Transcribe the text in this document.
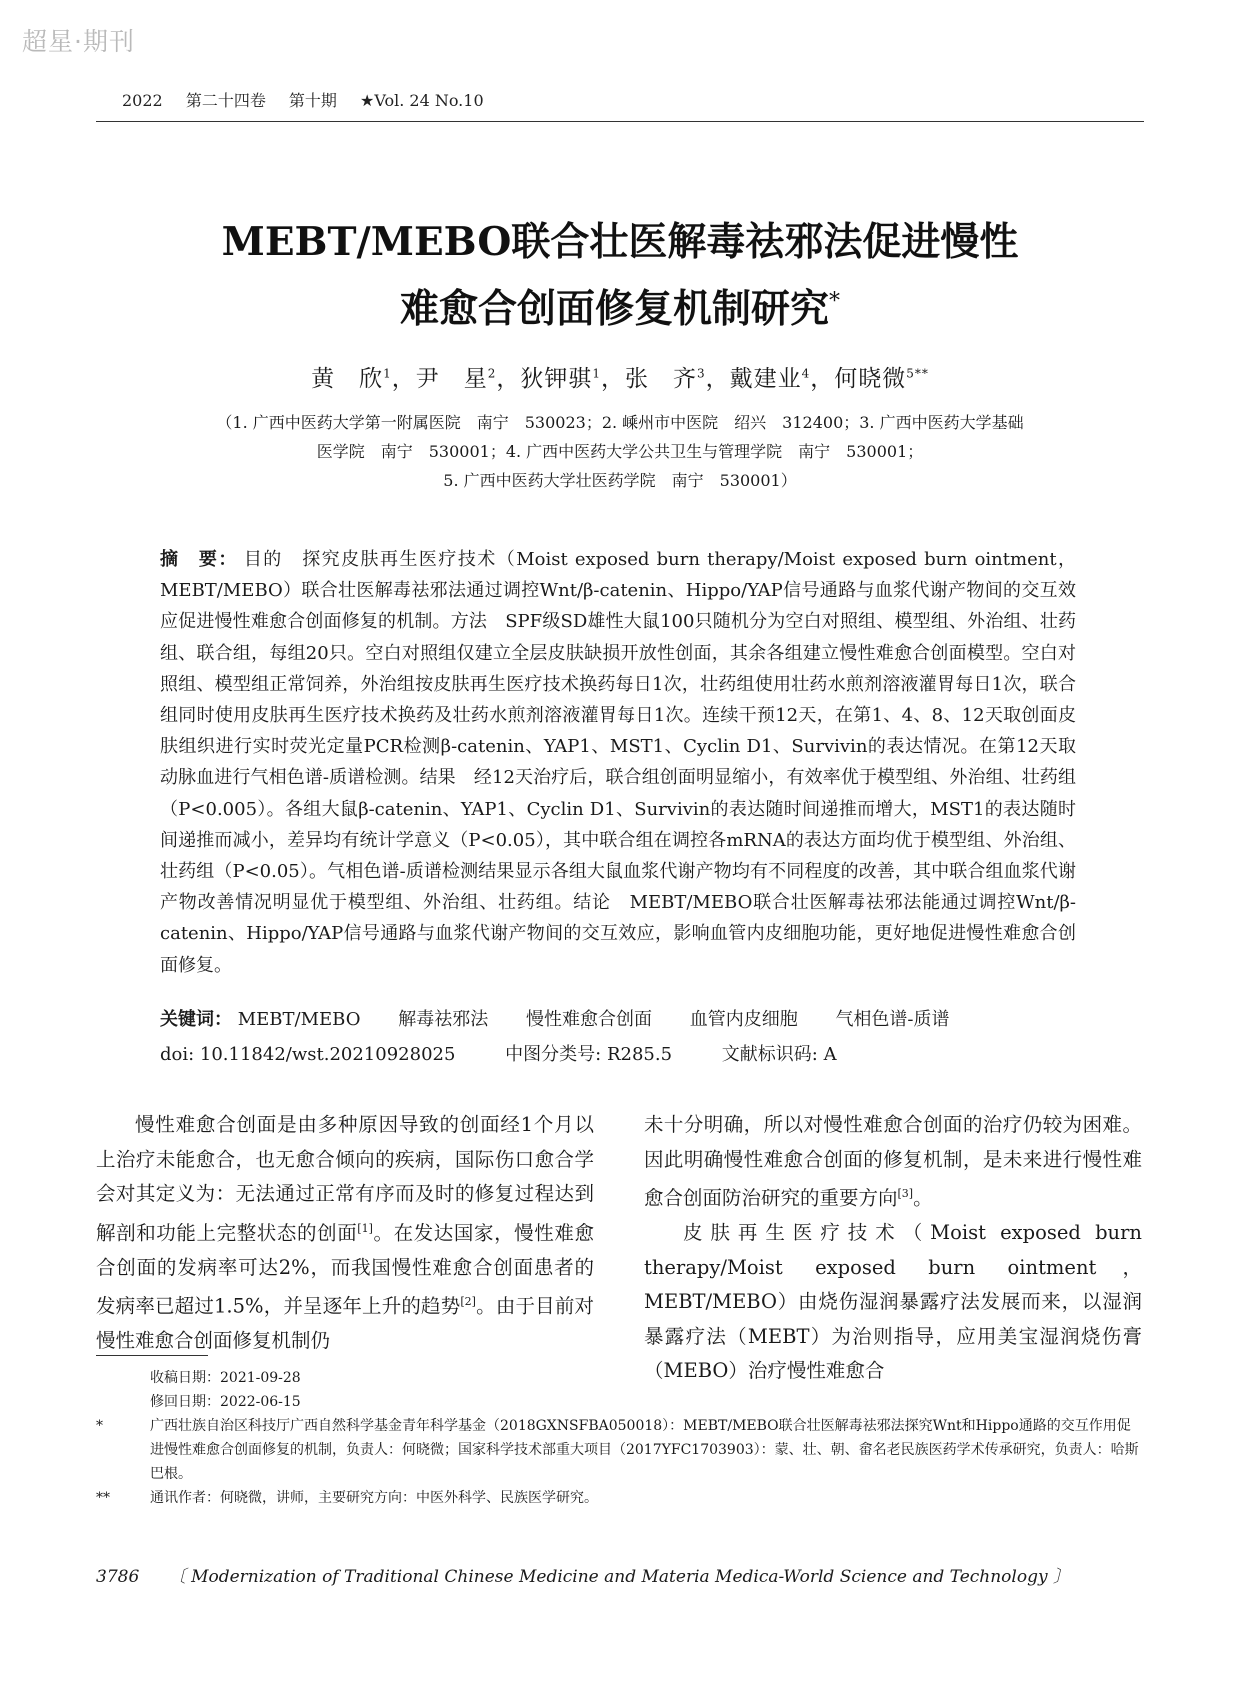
超星·期刊
2022 第二十四卷 第十期 ★Vol. 24 No.10
MEBT/MEBO联合壮医解毒祛邪法促进慢性
难愈合创面修复机制研究*
黄　欣$^1$，尹　星$^2$，狄钾骐$^1$，张　齐$^3$，戴建业$^4$，何晓微$^{5**}$
（1. 广西中医药大学第一附属医院　南宁　530023；2. 嵊州市中医院　绍兴　312400；3. 广西中医药大学基础
医学院　南宁　530001；4. 广西中医药大学公共卫生与管理学院　南宁　530001；
5. 广西中医药大学壮医药学院　南宁　530001）
摘　要： 目的　探究皮肤再生医疗技术（Moist exposed burn therapy/Moist exposed burn ointment，MEBT/MEBO）联合壮医解毒祛邪法通过调控Wnt/β-catenin、Hippo/YAP信号通路与血浆代谢产物间的交互效应促进慢性难愈合创面修复的机制。方法　SPF级SD雄性大鼠100只随机分为空白对照组、模型组、外治组、壮药组、联合组，每组20只。空白对照组仅建立全层皮肤缺损开放性创面，其余各组建立慢性难愈合创面模型。空白对照组、模型组正常饲养，外治组按皮肤再生医疗技术换药每日1次，壮药组使用壮药水煎剂溶液灌胃每日1次，联合组同时使用皮肤再生医疗技术换药及壮药水煎剂溶液灌胃每日1次。连续干预12天，在第1、4、8、12天取创面皮肤组织进行实时荧光定量PCR检测β-catenin、YAP1、MST1、Cyclin D1、Survivin的表达情况。在第12天取动脉血进行气相色谱-质谱检测。结果　经12天治疗后，联合组创面明显缩小，有效率优于模型组、外治组、壮药组（P<0.005）。各组大鼠β-catenin、YAP1、Cyclin D1、Survivin的表达随时间递推而增大，MST1的表达随时间递推而减小，差异均有统计学意义（P<0.05），其中联合组在调控各mRNA的表达方面均优于模型组、外治组、壮药组（P<0.05）。气相色谱-质谱检测结果显示各组大鼠血浆代谢产物均有不同程度的改善，其中联合组血浆代谢产物改善情况明显优于模型组、外治组、壮药组。结论　MEBT/MEBO联合壮医解毒祛邪法能通过调控Wnt/β-catenin、Hippo/YAP信号通路与血浆代谢产物间的交互效应，影响血管内皮细胞功能，更好地促进慢性难愈合创面修复。
关键词： MEBT/MEBO 解毒祛邪法 慢性难愈合创面 血管内皮细胞 气相色谱-质谱
doi: 10.11842/wst.20210928025	中图分类号: R285.5	文献标识码: A

慢性难愈合创面是由多种原因导致的创面经1个月以上治疗未能愈合，也无愈合倾向的疾病，国际伤口愈合学会对其定义为：无法通过正常有序而及时的修复过程达到解剖和功能上完整状态的创面[1]。在发达国家，慢性难愈合创面的发病率可达2%，而我国慢性难愈合创面患者的发病率已超过1.5%，并呈逐年上升的趋势[2]。由于目前对慢性难愈合创面修复机制仍

未十分明确，所以对慢性难愈合创面的治疗仍较为困难。因此明确慢性难愈合创面的修复机制，是未来进行慢性难愈合创面防治研究的重要方向[3]。

皮肤再生医疗技术（Moist exposed burn therapy/Moist exposed burn ointment，MEBT/MEBO）由烧伤湿润暴露疗法发展而来，以湿润暴露疗法（MEBT）为治则指导，应用美宝湿润烧伤膏（MEBO）治疗慢性难愈合

收稿日期：2021-09-28
修回日期：2022-06-15
*	广西壮族自治区科技厅广西自然科学基金青年科学基金（2018GXNSFBA050018）：MEBT/MEBO联合壮医解毒祛邪法探究Wnt和Hippo通路的交互作用促进慢性难愈合创面修复的机制，负责人：何晓微；国家科学技术部重大项目（2017YFC1703903）：蒙、壮、朝、畲名老民族医药学术传承研究，负责人：哈斯巴根。
**	通讯作者：何晓微，讲师，主要研究方向：中医外科学、民族医学研究。
3786 〔 Modernization of Traditional Chinese Medicine and Materia Medica-World Science and Technology 〕
